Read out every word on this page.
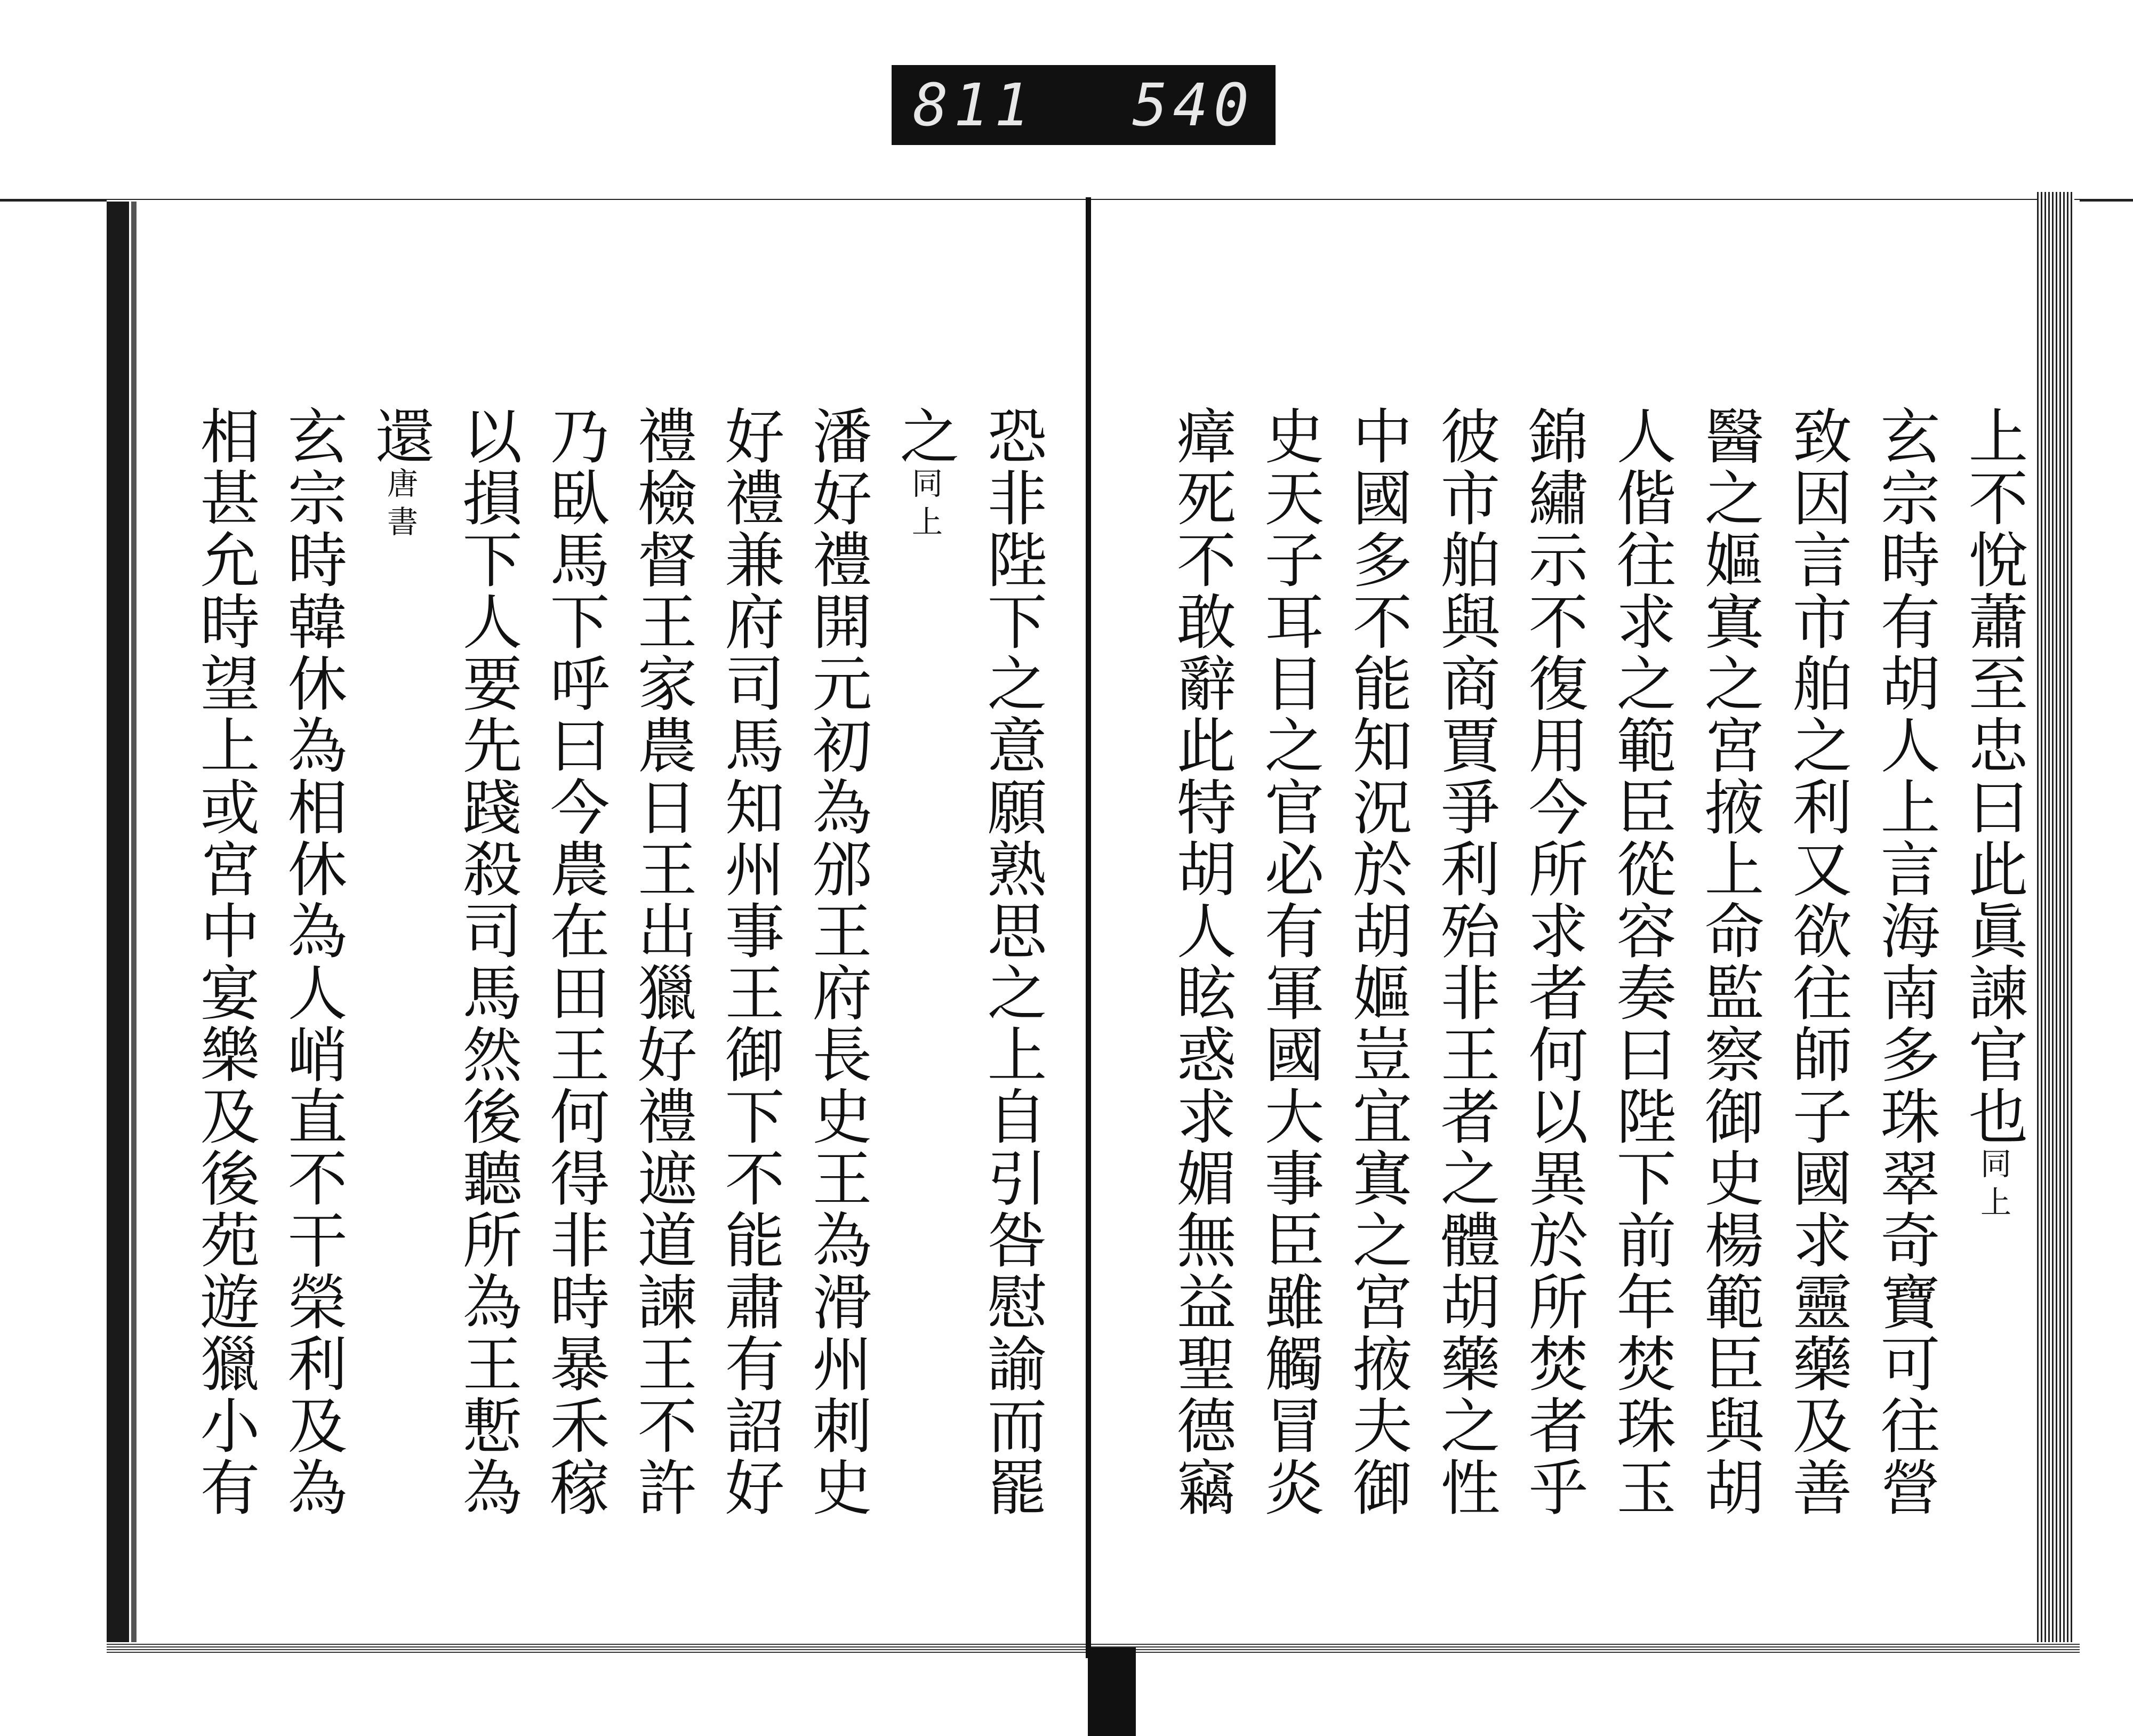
811 540
上不悅蕭至忠曰此眞諫官也$^{同上}$
玄宗時有胡人上言海南多珠翠奇寶可往營
致因言市舶之利又欲往師子國求靈藥及善
醫之嫗寘之宮掖上命監察御史楊範臣與胡
人偕往求之範臣從容奏曰陛下前年焚珠玉
錦繡示不復用今所求者何以異於所焚者乎
彼市舶與商賈爭利殆非王者之體胡藥之性
中國多不能知況於胡嫗豈宜寘之宮掖夫御
史天子耳目之官必有軍國大事臣雖觸冒炎
瘴死不敢辭此特胡人眩惑求媚無益聖德竊
恐非陛下之意願熟思之上自引咎慰諭而罷
之$^{同上}$
潘好禮開元初為邠王府長史王為滑州刺史
好禮兼府司馬知州事王御下不能肅有詔好
禮檢督王家農日王出獵好禮遮道諫王不許
乃臥馬下呼曰今農在田王何得非時暴禾稼
以損下人要先踐殺司馬然後聽所為王慙為
還$^{唐書}$
玄宗時韓休為相休為人峭直不干榮利及為
相甚允時望上或宮中宴樂及後苑遊獵小有
